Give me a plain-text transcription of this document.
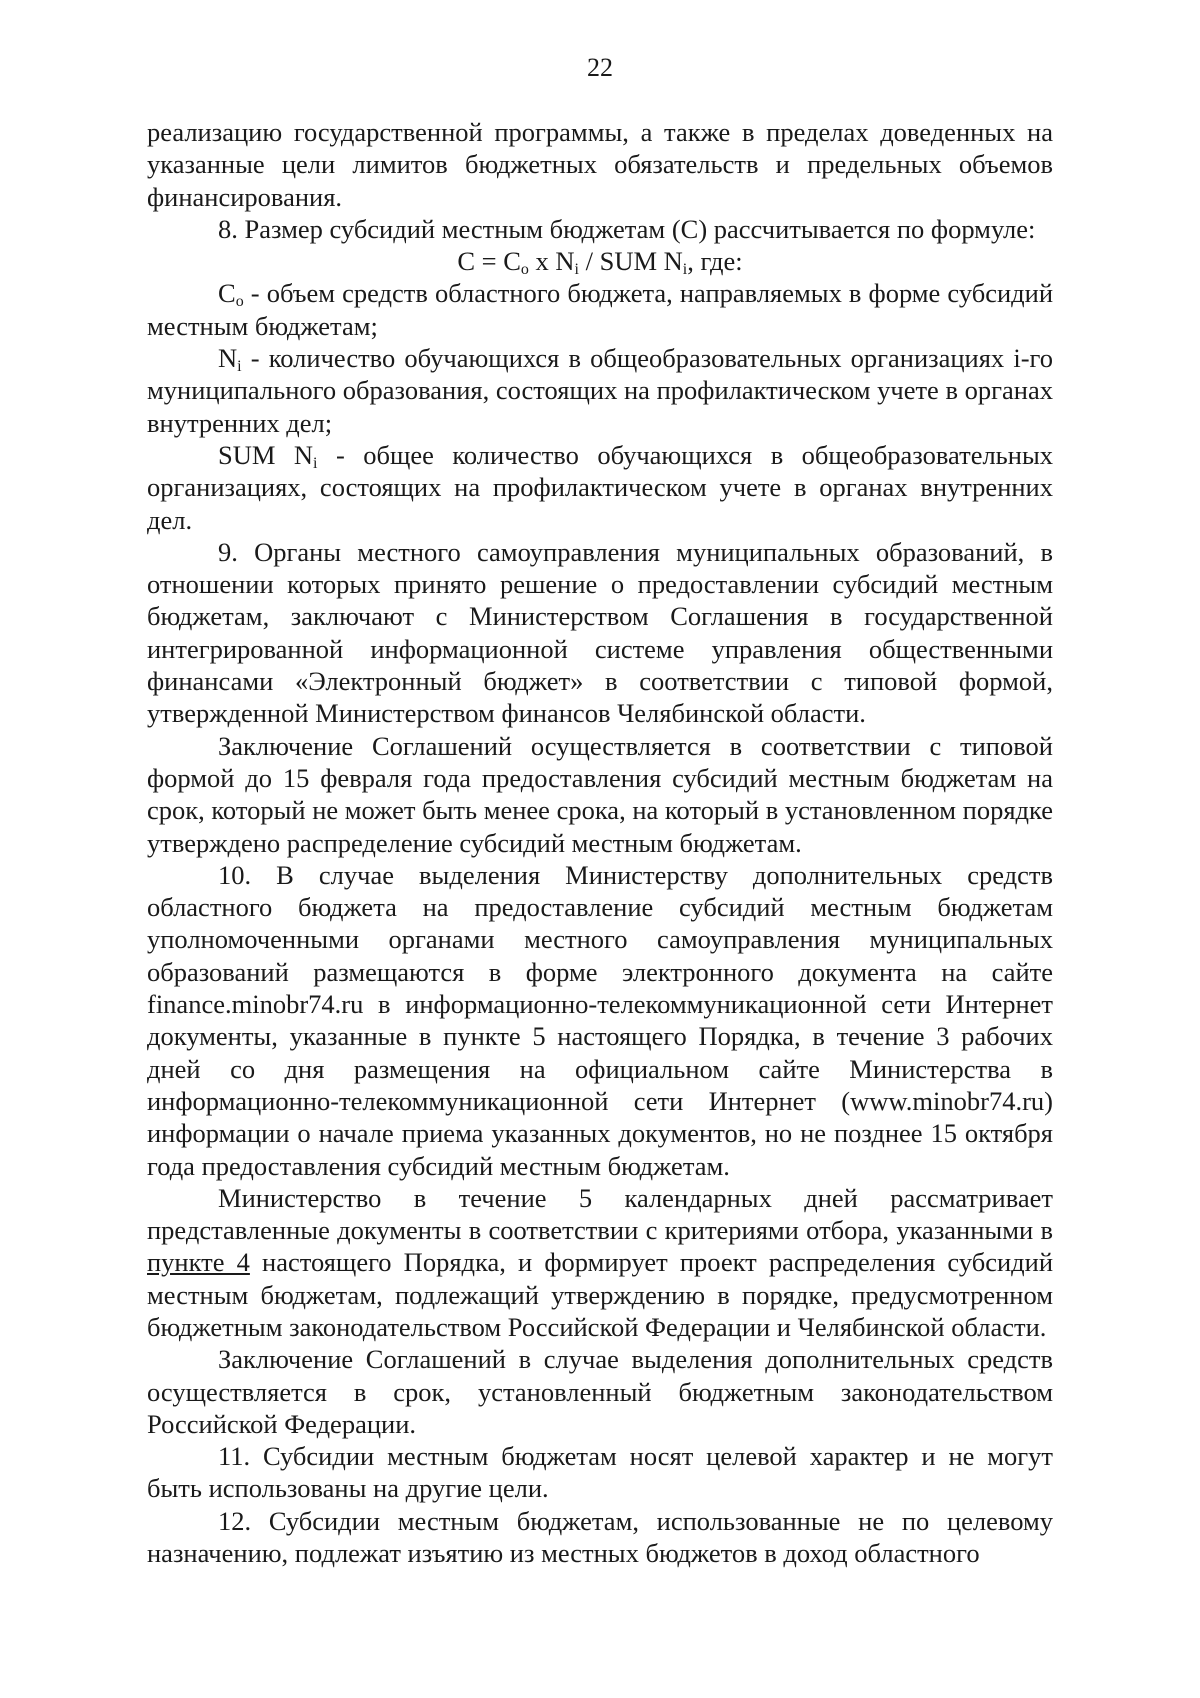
22

реализацию государственной программы, а также в пределах доведенных на указанные цели лимитов бюджетных обязательств и предельных объемов финансирования.

8. Размер субсидий местным бюджетам (С) рассчитывается по формуле:

$С = С_о$ x $N_i$ / SUM $N_i$, где:

$С_о$ - объем средств областного бюджета, направляемых в форме субсидий местным бюджетам;

$N_i$ - количество обучающихся в общеобразовательных организациях i-го муниципального образования, состоящих на профилактическом учете в органах внутренних дел;

SUM $N_i$ - общее количество обучающихся в общеобразовательных организациях, состоящих на профилактическом учете в органах внутренних дел.

9. Органы местного самоуправления муниципальных образований, в отношении которых принято решение о предоставлении субсидий местным бюджетам, заключают с Министерством Соглашения в государственной интегрированной информационной системе управления общественными финансами «Электронный бюджет» в соответствии с типовой формой, утвержденной Министерством финансов Челябинской области.

Заключение Соглашений осуществляется в соответствии с типовой формой до 15 февраля года предоставления субсидий местным бюджетам на срок, который не может быть менее срока, на который в установленном порядке утверждено распределение субсидий местным бюджетам.

10. В случае выделения Министерству дополнительных средств областного бюджета на предоставление субсидий местным бюджетам уполномоченными органами местного самоуправления муниципальных образований размещаются в форме электронного документа на сайте finance.minobr74.ru в информационно-телекоммуникационной сети Интернет документы, указанные в пункте 5 настоящего Порядка, в течение 3 рабочих дней со дня размещения на официальном сайте Министерства в информационно-телекоммуникационной сети Интернет (www.minobr74.ru) информации о начале приема указанных документов, но не позднее 15 октября года предоставления субсидий местным бюджетам.

Министерство в течение 5 календарных дней рассматривает представленные документы в соответствии с критериями отбора, указанными в пункте 4 настоящего Порядка, и формирует проект распределения субсидий местным бюджетам, подлежащий утверждению в порядке, предусмотренном бюджетным законодательством Российской Федерации и Челябинской области.

Заключение Соглашений в случае выделения дополнительных средств осуществляется в срок, установленный бюджетным законодательством Российской Федерации.

11. Субсидии местным бюджетам носят целевой характер и не могут быть использованы на другие цели.

12. Субсидии местным бюджетам, использованные не по целевому назначению, подлежат изъятию из местных бюджетов в доход областного
